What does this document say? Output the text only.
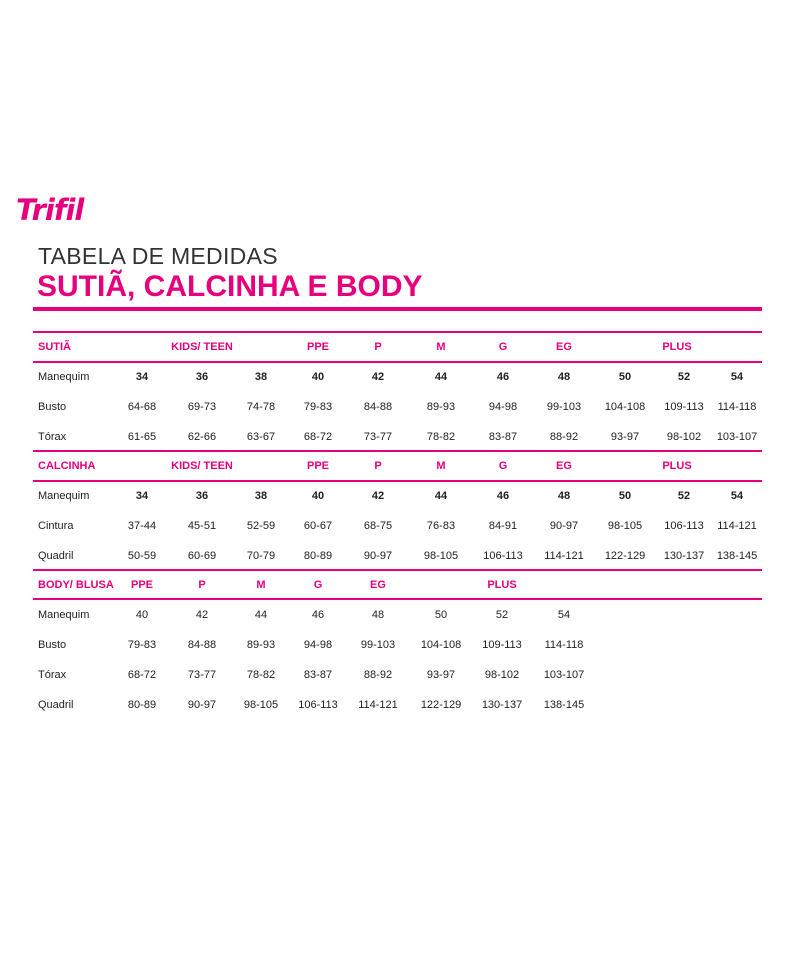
Trifil
TABELA DE MEDIDAS
SUTIÃ, CALCINHA E BODY
SUTIÃ	KIDS/ TEEN	PPE	P	M	G	EG	PLUS
Manequim	34	36	38	40	42	44	46	48	50	52	54
Busto	64-68	69-73	74-78	79-83	84-88	89-93	94-98	99-103	104-108	109-113	114-118
Tórax	61-65	62-66	63-67	68-72	73-77	78-82	83-87	88-92	93-97	98-102	103-107
CALCINHA	KIDS/ TEEN	PPE	P	M	G	EG	PLUS
Manequim	34	36	38	40	42	44	46	48	50	52	54
Cintura	37-44	45-51	52-59	60-67	68-75	76-83	84-91	90-97	98-105	106-113	114-121
Quadril	50-59	60-69	70-79	80-89	90-97	98-105	106-113	114-121	122-129	130-137	138-145
BODY/ BLUSA	PPE	P	M	G	EG	PLUS
Manequim	40	42	44	46	48	50	52	54
Busto	79-83	84-88	89-93	94-98	99-103	104-108	109-113	114-118
Tórax	68-72	73-77	78-82	83-87	88-92	93-97	98-102	103-107
Quadril	80-89	90-97	98-105	106-113	114-121	122-129	130-137	138-145
